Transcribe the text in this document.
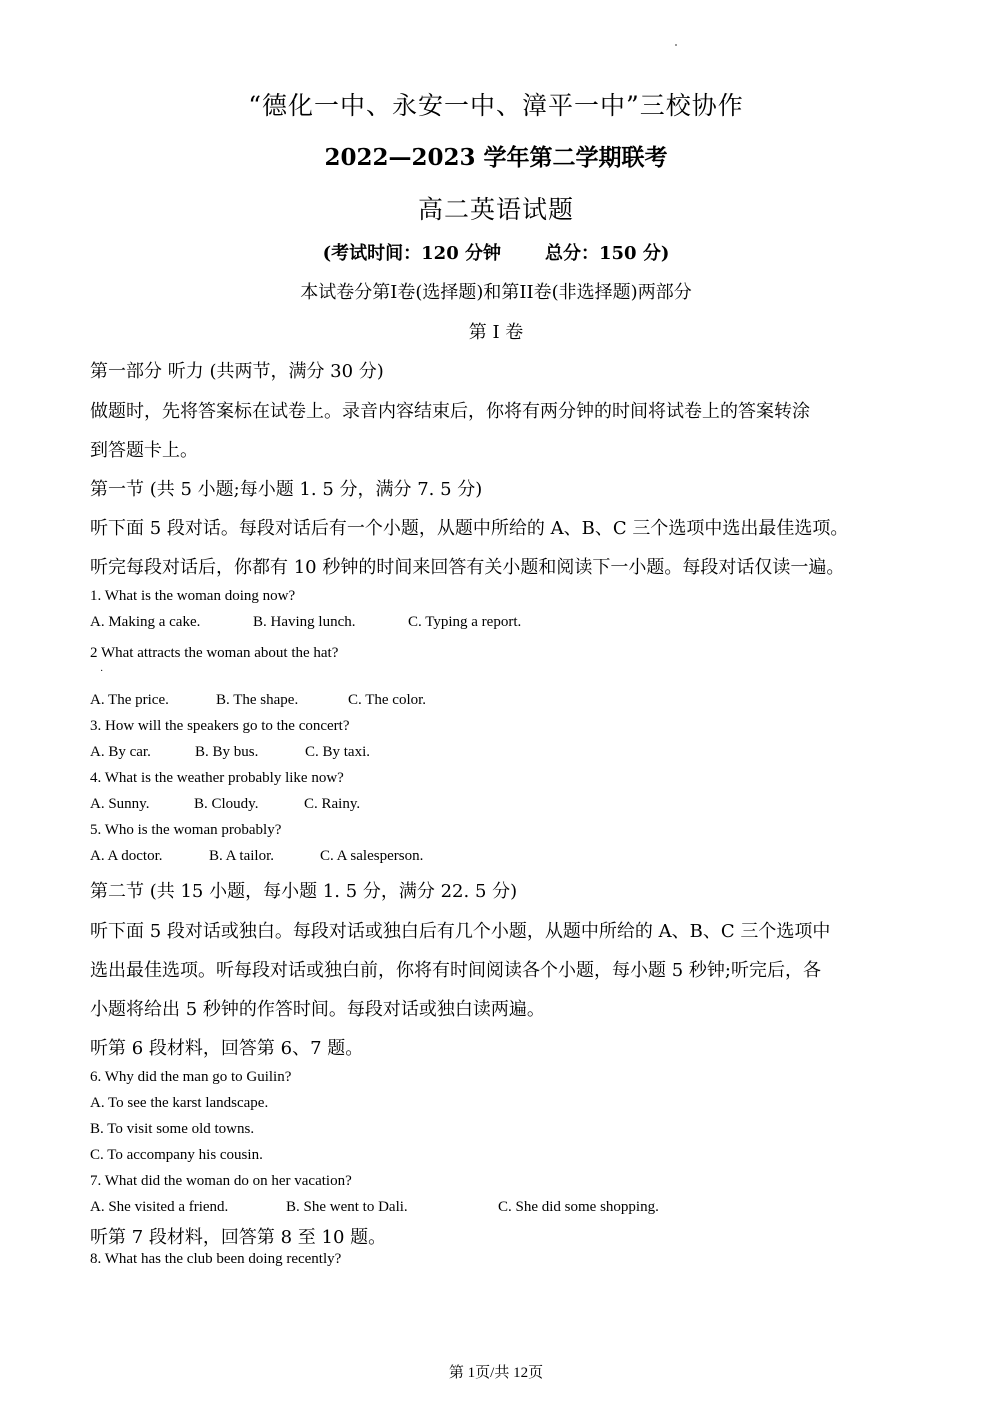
“德化一中、永安一中、漳平一中”三校协作
2022—2023 学年第二学期联考
高二英语试题
(考试时间：120 分钟 总分：150 分)
本试卷分第I卷(选择题)和第II卷(非选择题)两部分
第 I 卷
第一部分 听力 (共两节，满分 30 分)
做题时，先将答案标在试卷上。录音内容结束后，你将有两分钟的时间将试卷上的答案转涂
到答题卡上。
第一节 (共 5 小题;每小题 1. 5 分，满分 7. 5 分)
听下面 5 段对话。每段对话后有一个小题，从题中所给的 A、B、C 三个选项中选出最佳选项。
听完每段对话后，你都有 10 秒钟的时间来回答有关小题和阅读下一小题。每段对话仅读一遍。
1. What is the woman doing now?
A. Making a cake.	B. Having lunch.	C. Typing a report.
2 What attracts the woman about the hat?
·
A. The price.	B. The shape.	C. The color.
3. How will the speakers go to the concert?
A. By car.	B. By bus.	C. By taxi.
4. What is the weather probably like now?
A. Sunny.	B. Cloudy.	C. Rainy.
5. Who is the woman probably?
A. A doctor.	B. A tailor.	C. A salesperson.
第二节 (共 15 小题，每小题 1. 5 分，满分 22. 5 分)
听下面 5 段对话或独白。每段对话或独白后有几个小题，从题中所给的 A、B、C 三个选项中
选出最佳选项。听每段对话或独白前，你将有时间阅读各个小题，每小题 5 秒钟;听完后，各
小题将给出 5 秒钟的作答时间。每段对话或独白读两遍。
听第 6 段材料，回答第 6、7 题。
6. Why did the man go to Guilin?
A. To see the karst landscape.
B. To visit some old towns.
C. To accompany his cousin.
7. What did the woman do on her vacation?
A. She visited a friend.	B. She went to Dali.	C. She did some shopping.
听第 7 段材料，回答第 8 至 10 题。
8. What has the club been doing recently?
第 1页/共 12页
